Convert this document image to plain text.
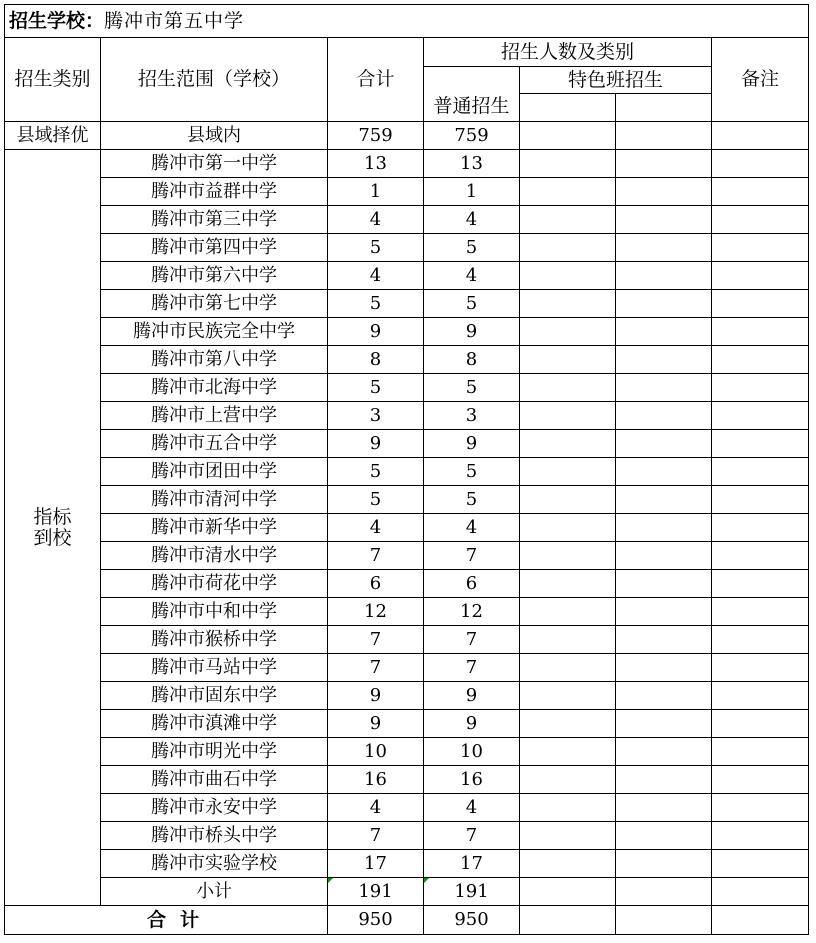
招生学校：腾冲市第五中学						
招生类别	招生范围（学校）	合计	招生人数及类别			备注
			普通招生	特色班招生		

县域择优	县域内	759	759			

指标
到校	腾冲市第一中学	13	13			
	腾冲市益群中学	1	1			
	腾冲市第三中学	4	4			
	腾冲市第四中学	5	5			
	腾冲市第六中学	4	4			
	腾冲市第七中学	5	5			
	腾冲市民族完全中学	9	9			
	腾冲市第八中学	8	8			
	腾冲市北海中学	5	5			
	腾冲市上营中学	3	3			
	腾冲市五合中学	9	9			
	腾冲市团田中学	5	5			
	腾冲市清河中学	5	5			
	腾冲市新华中学	4	4			
	腾冲市清水中学	7	7			
	腾冲市荷花中学	6	6			
	腾冲市中和中学	12	12			
	腾冲市猴桥中学	7	7			
	腾冲市马站中学	7	7			
	腾冲市固东中学	9	9			
	腾冲市滇滩中学	9	9			
	腾冲市明光中学	10	10			
	腾冲市曲石中学	16	16			
	腾冲市永安中学	4	4			
	腾冲市桥头中学	7	7			
	腾冲市实验学校	17	17			
	小计	191	191			
合计		950	950			
